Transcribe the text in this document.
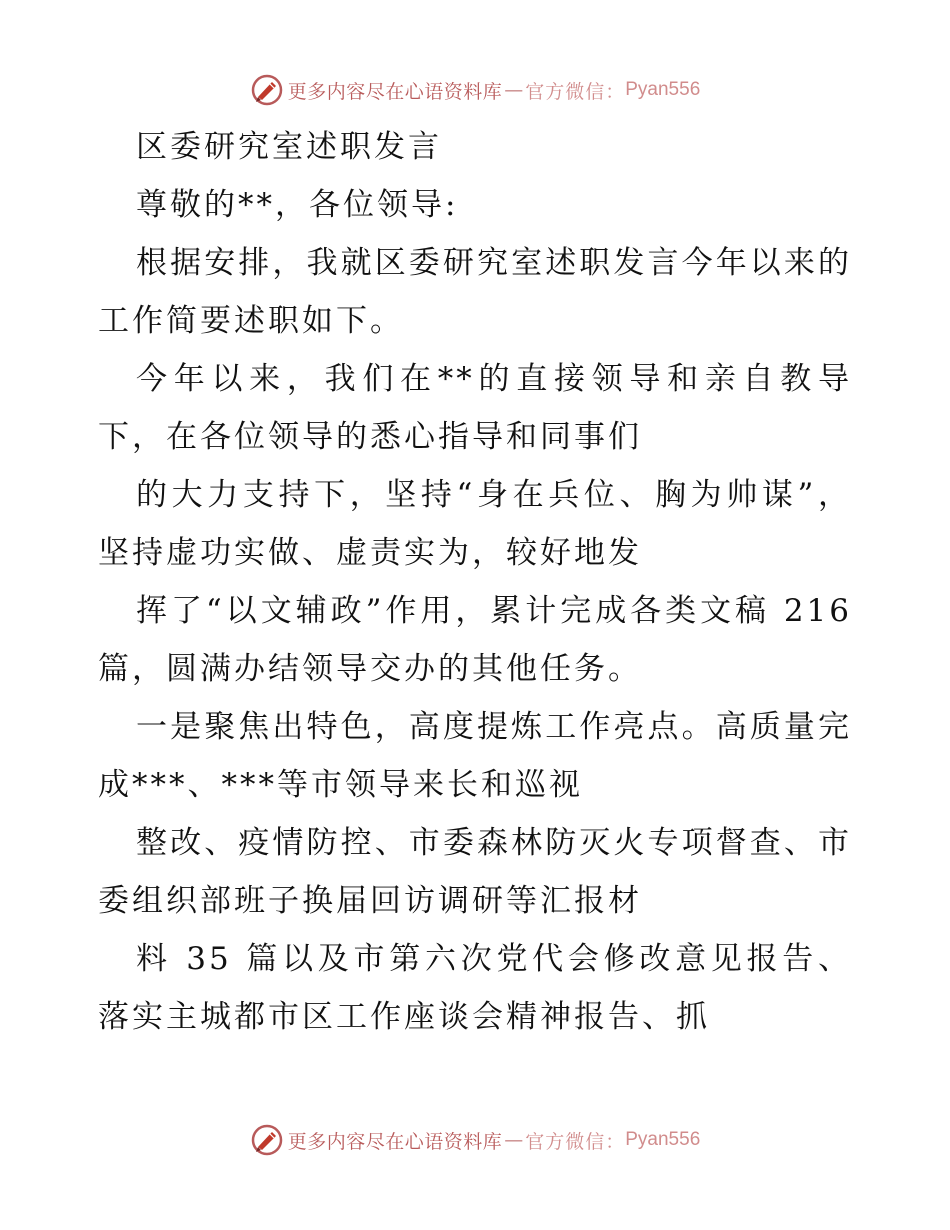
更多内容尽在心语资料库 — 官方微信： Pyan556

区委研究室述职发言

尊敬的**，各位领导:

根据安排，我就区委研究室述职发言今年以来的工作简要述职如下。

今年以来，我们在**的直接领导和亲自教导下，在各位领导的悉心指导和同事们

的大力支持下，坚持“身在兵位、胸为帅谋”，坚持虚功实做、虚责实为，较好地发

挥了“以文辅政”作用，累计完成各类文稿 216 篇，圆满办结领导交办的其他任务。

一是聚焦出特色，高度提炼工作亮点。高质量完成***、***等市领导来长和巡视

整改、疫情防控、市委森林防灭火专项督查、市委组织部班子换届回访调研等汇报材

料 35 篇以及市第六次党代会修改意见报告、落实主城都市区工作座谈会精神报告、抓

更多内容尽在心语资料库 — 官方微信： Pyan556
